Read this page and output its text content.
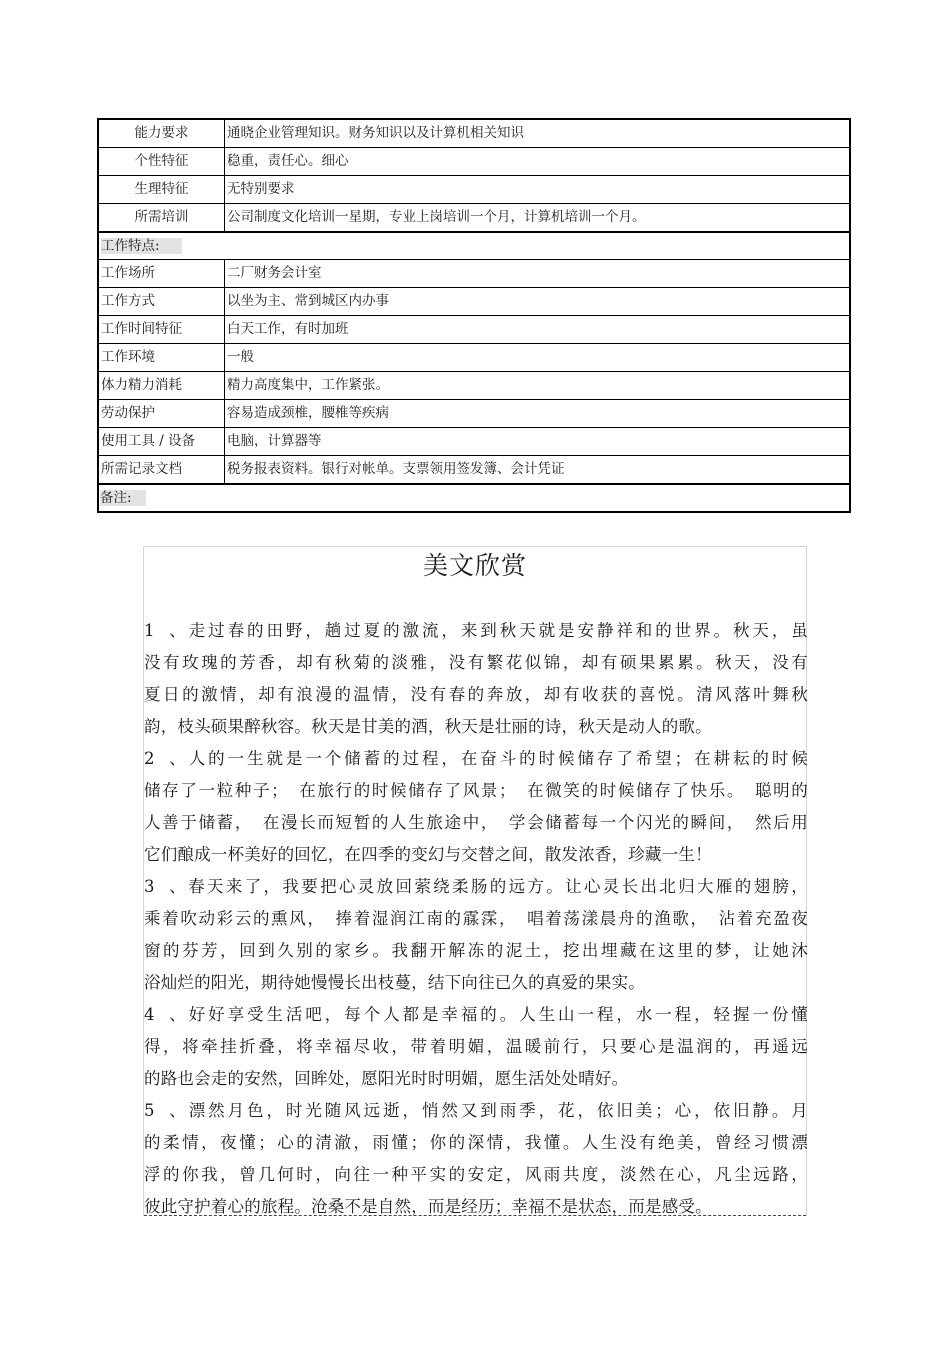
能力要求	通晓企业管理知识。财务知识以及计算机相关知识
个性特征	稳重，责任心。细心
生理特征	无特别要求
所需培训	公司制度文化培训一星期，专业上岗培训一个月，计算机培训一个月。
工作特点:
工作场所	二厂财务会计室
工作方式	以坐为主、常到城区内办事
工作时间特征	白天工作，有时加班
工作环境	一般
体力精力消耗	精力高度集中，工作紧张。
劳动保护	容易造成颈椎，腰椎等疾病
使用工具 / 设备	电脑，计算器等
所需记录文档	税务报表资料。银行对帐单。支票领用签发簿、会计凭证
备注:
美文欣赏
1、走过春的田野，趟过夏的激流，来到秋天就是安静祥和的世界。秋天，虽
没有玫瑰的芳香，却有秋菊的淡雅，没有繁花似锦，却有硕果累累。秋天，没有
夏日的激情，却有浪漫的温情，没有春的奔放，却有收获的喜悦。清风落叶舞秋
韵，枝头硕果醉秋容。秋天是甘美的酒，秋天是壮丽的诗，秋天是动人的歌。
2、人的一生就是一个储蓄的过程，在奋斗的时候储存了希望；在耕耘的时候
储存了一粒种子；　在旅行的时候储存了风景；　在微笑的时候储存了快乐。　聪明的
人善于储蓄，　在漫长而短暂的人生旅途中，　学会储蓄每一个闪光的瞬间，　然后用
它们酿成一杯美好的回忆，在四季的变幻与交替之间，散发浓香，珍藏一生！
3、春天来了，我要把心灵放回萦绕柔肠的远方。让心灵长出北归大雁的翅膀，
乘着吹动彩云的熏风，　捧着湿润江南的霡霂，　唱着荡漾晨舟的渔歌，　沾着充盈夜
窗的芬芳，回到久别的家乡。我翻开解冻的泥土，挖出埋藏在这里的梦，让她沐
浴灿烂的阳光，期待她慢慢长出枝蔓，结下向往已久的真爱的果实。
4、好好享受生活吧，每个人都是幸福的。人生山一程，水一程，轻握一份懂
得，将牵挂折叠，将幸福尽收，带着明媚，温暖前行，只要心是温润的，再遥远
的路也会走的安然，回眸处，愿阳光时时明媚，愿生活处处晴好。
5、漂然月色，时光随风远逝，悄然又到雨季，花，依旧美；心，依旧静。月
的柔情，夜懂；心的清澈，雨懂；你的深情，我懂。人生没有绝美，曾经习惯漂
浮的你我，曾几何时，向往一种平实的安定，风雨共度，淡然在心，凡尘远路，
彼此守护着心的旅程。沧桑不是自然，而是经历；幸福不是状态，而是感受。
